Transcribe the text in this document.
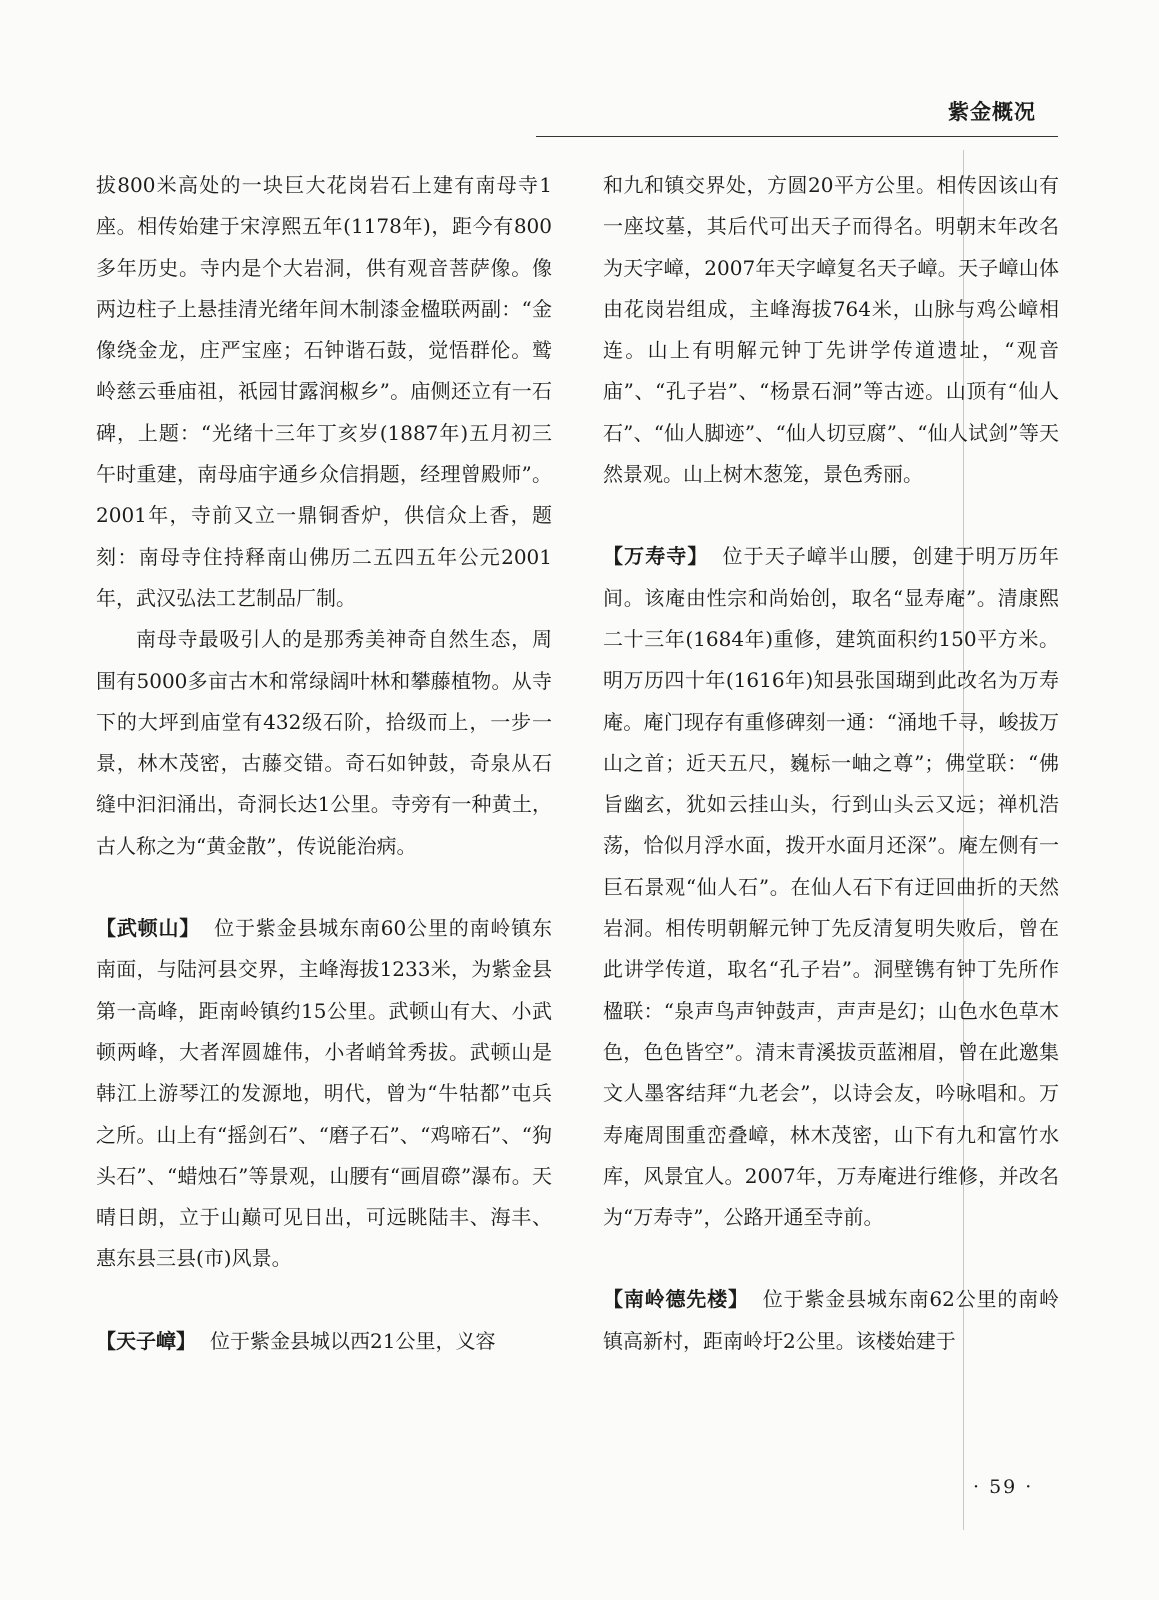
紫金概况

拔800米高处的一块巨大花岗岩石上建有南母寺1座。相传始建于宋淳熙五年(1178年)，距今有800多年历史。寺内是个大岩洞，供有观音菩萨像。像两边柱子上悬挂清光绪年间木制漆金楹联两副：“金像绕金龙，庄严宝座；石钟谐石鼓，觉悟群伦。鹫岭慈云垂庙祖，祇园甘露润椒乡”。庙侧还立有一石碑，上题：“光绪十三年丁亥岁(1887年)五月初三午时重建，南母庙宇通乡众信捐题，经理曾殿师”。2001年，寺前又立一鼎铜香炉，供信众上香，题刻：南母寺住持释南山佛历二五四五年公元2001年，武汉弘法工艺制品厂制。

南母寺最吸引人的是那秀美神奇自然生态，周围有5000多亩古木和常绿阔叶林和攀藤植物。从寺下的大坪到庙堂有432级石阶，拾级而上，一步一景，林木茂密，古藤交错。奇石如钟鼓，奇泉从石缝中汩汩涌出，奇洞长达1公里。寺旁有一种黄土，古人称之为“黄金散”，传说能治病。

【武顿山】 位于紫金县城东南60公里的南岭镇东南面，与陆河县交界，主峰海拔1233米，为紫金县第一高峰，距南岭镇约15公里。武顿山有大、小武顿两峰，大者浑圆雄伟，小者峭耸秀拔。武顿山是韩江上游琴江的发源地，明代，曾为“牛牯都”屯兵之所。山上有“摇剑石”、“磨子石”、“鸡啼石”、“狗头石”、“蜡烛石”等景观，山腰有“画眉磜”瀑布。天晴日朗，立于山巅可见日出，可远眺陆丰、海丰、惠东县三县(市)风景。

【天子嶂】 位于紫金县城以西21公里，义容

和九和镇交界处，方圆20平方公里。相传因该山有一座坟墓，其后代可出天子而得名。明朝末年改名为天字嶂，2007年天字嶂复名天子嶂。天子嶂山体由花岗岩组成，主峰海拔764米，山脉与鸡公嶂相连。山上有明解元钟丁先讲学传道遗址，“观音庙”、“孔子岩”、“杨景石洞”等古迹。山顶有“仙人石”、“仙人脚迹”、“仙人切豆腐”、“仙人试剑”等天然景观。山上树木葱笼，景色秀丽。

【万寿寺】 位于天子嶂半山腰，创建于明万历年间。该庵由性宗和尚始创，取名“显寿庵”。清康熙二十三年(1684年)重修，建筑面积约150平方米。明万历四十年(1616年)知县张国瑚到此改名为万寿庵。庵门现存有重修碑刻一通：“涌地千寻，峻拔万山之首；近天五尺，巍标一岫之尊”；佛堂联：“佛旨幽玄，犹如云挂山头，行到山头云又远；禅机浩荡，恰似月浮水面，拨开水面月还深”。庵左侧有一巨石景观“仙人石”。在仙人石下有迂回曲折的天然岩洞。相传明朝解元钟丁先反清复明失败后，曾在此讲学传道，取名“孔子岩”。洞壁镌有钟丁先所作楹联：“泉声鸟声钟鼓声，声声是幻；山色水色草木色，色色皆空”。清末青溪拔贡蓝湘眉，曾在此邀集文人墨客结拜“九老会”，以诗会友，吟咏唱和。万寿庵周围重峦叠嶂，林木茂密，山下有九和富竹水库，风景宜人。2007年，万寿庵进行维修，并改名为“万寿寺”，公路开通至寺前。

【南岭德先楼】 位于紫金县城东南62公里的南岭镇高新村，距南岭圩2公里。该楼始建于

· 59 ·
